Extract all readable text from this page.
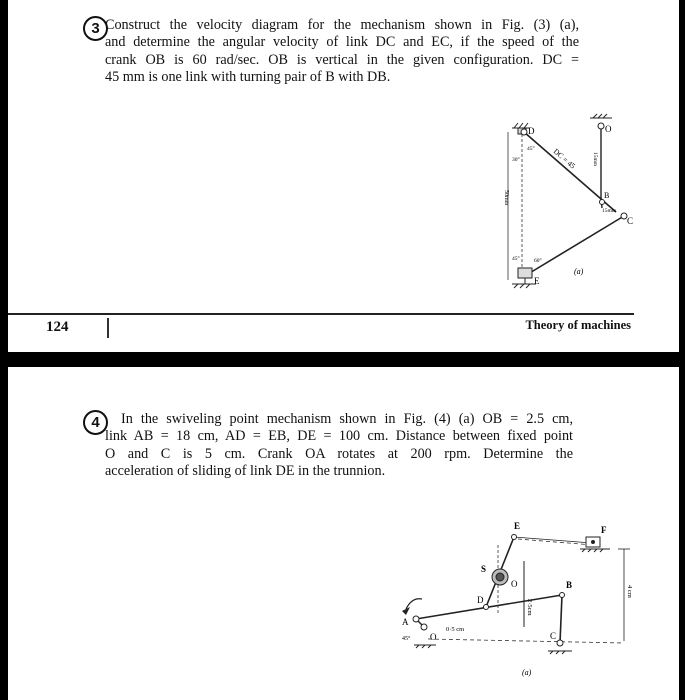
3 Construct the velocity diagram for the mechanism shown in Fig. (3) (a),
and determine the angular velocity of link DC and EC, if the speed of the
crank OB is 60 rad/sec. OB is vertical in the given configuration. DC =
45 mm is one link with turning pair of B with DB.
D	O
B
C
E
DC = 45	15mm
15mm
50mm
45°
30°
45°	60°
(a)
124	Theory of machines
4	In the swiveling point mechanism shown in Fig. (4) (a) OB = 2.5 cm,
link AB = 18 cm, AD = EB, DE = 100 cm. Distance between fixed point
O and C is 5 cm. Crank OA rotates at 200 rpm. Determine the
acceleration of sliding of link DE in the trunnion.
E	F
S
O	B
D
A
C
O
0·5 cm
2·5cm
4 cm
45°
(a)
